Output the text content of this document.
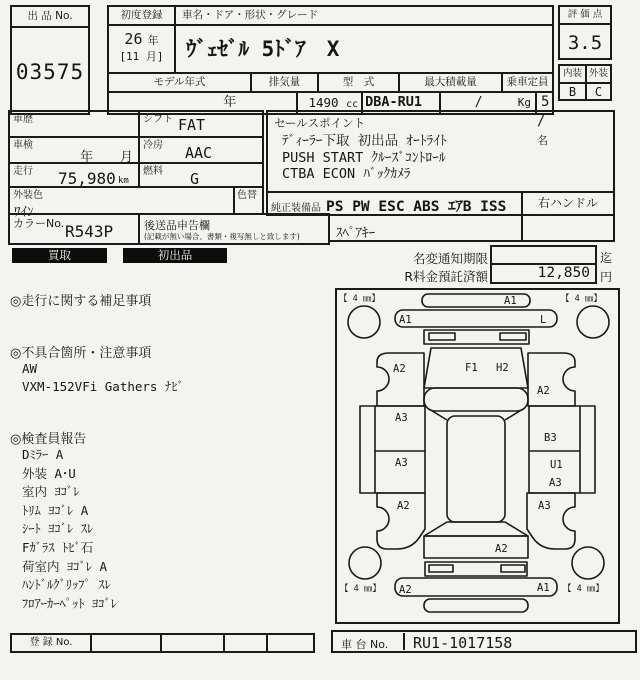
出 品 No.
03575
初度登録	車名・ドア・形状・グレード
26 年
[11 月]	ｳﾞｪｾﾞﾙ 5ﾄﾞｱ　X
モデル年式	排気量	型　式	最大積載量	乗車定員
年	1490 cc DBA-RU1	/	Kg 5 /
名
評 価 点
3.5
内装 外装
B	C
車歴	シフト FAT
車検
年 月
冷房 AAC
走行 75,980 km
燃料 G
外装色
ﾜｲﾝ
色替
カラーNo. R543P	後送品申告欄
(記載が無い場合、書類・複写無しと致します)	ｽﾍﾟｱｷｰ
セールスポイント
ﾃﾞｨｰﾗｰ下取 初出品 ｵｰﾄﾗｲﾄ
PUSH START ｸﾙｰｽﾞｺﾝﾄﾛｰﾙ
CTBA ECON ﾊﾞｯｸｶﾒﾗ
純正装備品 PS PW ESC ABS ｴｱB ISS	右ハンドル
買取	初出品	名変通知期限	迄
R料金預託済額	12,850 円
◎走行に関する補足事項
◎不具合箇所・注意事項
AW
VXM-152VFi Gathers ﾅﾋﾞ
◎検査員報告
Dﾐﾗｰ A
外装 A･U
室内 ﾖｺﾞﾚ
ﾄﾘﾑ ﾖｺﾞﾚ A
ｼｰﾄ ﾖｺﾞﾚ ｽﾚ
Fｶﾞﾗｽ ﾄﾋﾞ石
荷室内 ﾖｺﾞﾚ A
ﾊﾝﾄﾞﾙｸﾞﾘｯﾌﾟ ｽﾚ
ﾌﾛｱｰｶｰﾍﾟｯﾄ ﾖｺﾞﾚ
【 4 ㎜】	【 4 ㎜】
【 4 ㎜】	【 4 ㎜】
A1
A1	L
F1 H2
A2
A2
A3
A3
B3
U1
A3
A2	A3
A2
A2	A1
登 録 No.	車 台 No. RU1-1017158
